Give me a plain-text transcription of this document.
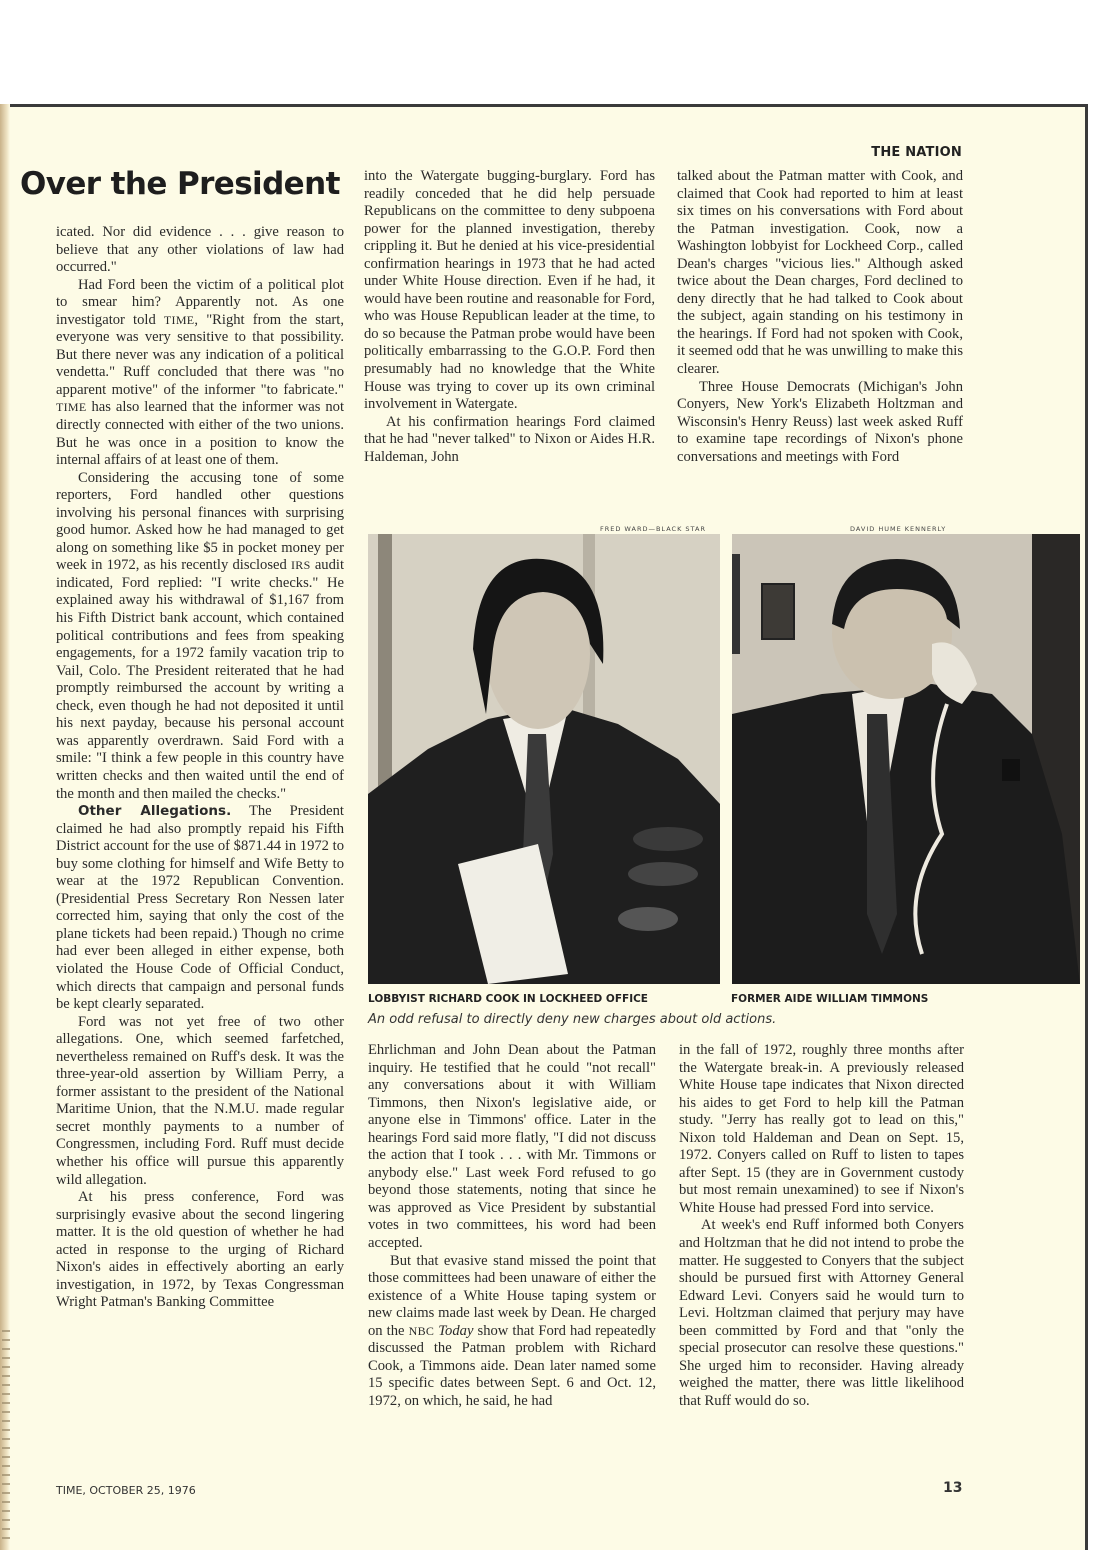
THE NATION
Over the President

icated. Nor did evidence . . . give reason to believe that any other violations of law had occurred."

Had Ford been the victim of a political plot to smear him? Apparently not. As one investigator told TIME, "Right from the start, everyone was very sensitive to that possibility. But there never was any indication of a political vendetta." Ruff concluded that there was "no apparent motive" of the informer "to fabricate." TIME has also learned that the informer was not directly connected with either of the two unions. But he was once in a position to know the internal affairs of at least one of them.

Considering the accusing tone of some reporters, Ford handled other questions involving his personal finances with surprising good humor. Asked how he had managed to get along on something like $5 in pocket money per week in 1972, as his recently disclosed IRS audit indicated, Ford replied: "I write checks." He explained away his withdrawal of $1,167 from his Fifth District bank account, which contained political contributions and fees from speaking engagements, for a 1972 family vacation trip to Vail, Colo. The President reiterated that he had promptly reimbursed the account by writing a check, even though he had not deposited it until his next payday, because his personal account was apparently overdrawn. Said Ford with a smile: "I think a few people in this country have written checks and then waited until the end of the month and then mailed the checks."

Other Allegations. The President claimed he had also promptly repaid his Fifth District account for the use of $871.44 in 1972 to buy some clothing for himself and Wife Betty to wear at the 1972 Republican Convention. (Presidential Press Secretary Ron Nessen later corrected him, saying that only the cost of the plane tickets had been repaid.) Though no crime had ever been alleged in either expense, both violated the House Code of Official Conduct, which directs that campaign and personal funds be kept clearly separated.

Ford was not yet free of two other allegations. One, which seemed farfetched, nevertheless remained on Ruff's desk. It was the three-year-old assertion by William Perry, a former assistant to the president of the National Maritime Union, that the N.M.U. made regular secret monthly payments to a number of Congressmen, including Ford. Ruff must decide whether his office will pursue this apparently wild allegation.

At his press conference, Ford was surprisingly evasive about the second lingering matter. It is the old question of whether he had acted in response to the urging of Richard Nixon's aides in effectively aborting an early investigation, in 1972, by Texas Congressman Wright Patman's Banking Committee

into the Watergate bugging-burglary. Ford has readily conceded that he did help persuade Republicans on the committee to deny subpoena power for the planned investigation, thereby crippling it. But he denied at his vice-presidential confirmation hearings in 1973 that he had acted under White House direction. Even if he had, it would have been routine and reasonable for Ford, who was House Republican leader at the time, to do so because the Patman probe would have been politically embarrassing to the G.O.P. Ford then presumably had no knowledge that the White House was trying to cover up its own criminal involvement in Watergate.

At his confirmation hearings Ford claimed that he had "never talked" to Nixon or Aides H.R. Haldeman, John

talked about the Patman matter with Cook, and claimed that Cook had reported to him at least six times on his conversations with Ford about the Patman investigation. Cook, now a Washington lobbyist for Lockheed Corp., called Dean's charges "vicious lies." Although asked twice about the Dean charges, Ford declined to deny directly that he had talked to Cook about the subject, again standing on his testimony in the hearings. If Ford had not spoken with Cook, it seemed odd that he was unwilling to make this clearer.

Three House Democrats (Michigan's John Conyers, New York's Elizabeth Holtzman and Wisconsin's Henry Reuss) last week asked Ruff to examine tape recordings of Nixon's phone conversations and meetings with Ford

FRED WARD—BLACK STAR	DAVID HUME KENNERLY
LOBBYIST RICHARD COOK IN LOCKHEED OFFICE	FORMER AIDE WILLIAM TIMMONS
An odd refusal to directly deny new charges about old actions.

Ehrlichman and John Dean about the Patman inquiry. He testified that he could "not recall" any conversations about it with William Timmons, then Nixon's legislative aide, or anyone else in Timmons' office. Later in the hearings Ford said more flatly, "I did not discuss the action that I took . . . with Mr. Timmons or anybody else." Last week Ford refused to go beyond those statements, noting that since he was approved as Vice President by substantial votes in two committees, his word had been accepted.

But that evasive stand missed the point that those committees had been unaware of either the existence of a White House taping system or new claims made last week by Dean. He charged on the NBC Today show that Ford had repeatedly discussed the Patman problem with Richard Cook, a Timmons aide. Dean later named some 15 specific dates between Sept. 6 and Oct. 12, 1972, on which, he said, he had

in the fall of 1972, roughly three months after the Watergate break-in. A previously released White House tape indicates that Nixon directed his aides to get Ford to help kill the Patman study. "Jerry has really got to lead on this," Nixon told Haldeman and Dean on Sept. 15, 1972. Conyers called on Ruff to listen to tapes after Sept. 15 (they are in Government custody but most remain unexamined) to see if Nixon's White House had pressed Ford into service.

At week's end Ruff informed both Conyers and Holtzman that he did not intend to probe the matter. He suggested to Conyers that the subject should be pursued first with Attorney General Edward Levi. Conyers said he would turn to Levi. Holtzman claimed that perjury may have been committed by Ford and that "only the special prosecutor can resolve these questions." She urged him to reconsider. Having already weighed the matter, there was little likelihood that Ruff would do so.

TIME, OCTOBER 25, 1976	13
